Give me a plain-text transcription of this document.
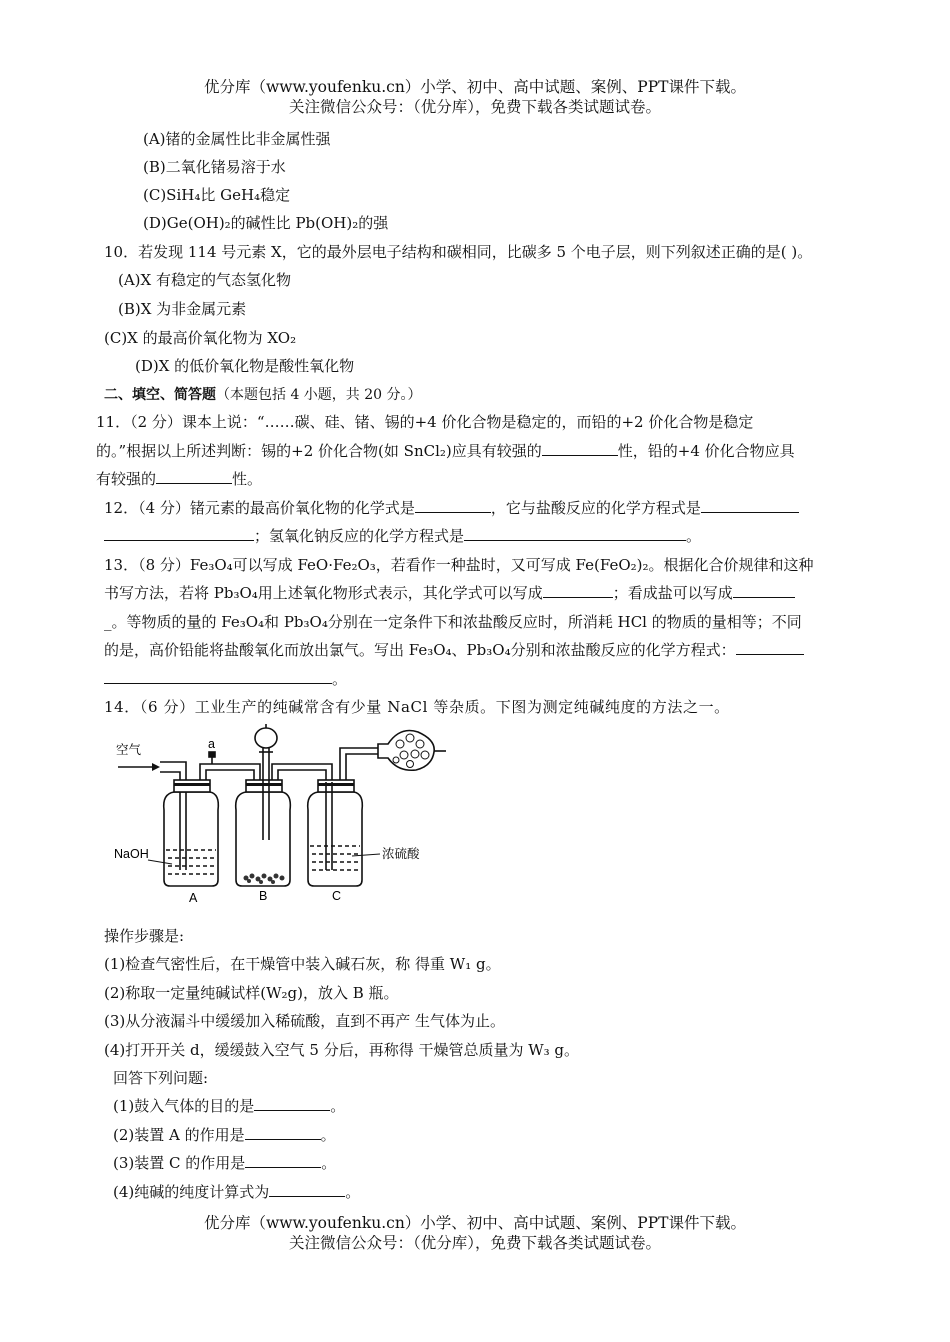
优分库（www.youfenku.cn）小学、初中、高中试题、案例、PPT课件下载。
关注微信公众号：（优分库），免费下载各类试题试卷。
(A)锗的金属性比非金属性强
(B)二氧化锗易溶于水
(C)SiH₄比 GeH₄稳定
(D)Ge(OH)₂的碱性比 Pb(OH)₂的强
10．若发现 114 号元素 X，它的最外层电子结构和碳相同，比碳多 5 个电子层，则下列叙述正确的是( )。
(A)X 有稳定的气态氢化物
(B)X 为非金属元素
(C)X 的最高价氧化物为 XO₂
(D)X 的低价氧化物是酸性氧化物
二、填空、简答题（本题包括 4 小题，共 20 分。）
11．（2 分）课本上说：“……碳、硅、锗、锡的+4 价化合物是稳定的，而铅的+2 价化合物是稳定
的。”根据以上所述判断：锡的+2 价化合物(如 SnCl₂)应具有较强的	性，铅的+4 价化合物应具
有较强的	性。
12．（4 分）锗元素的最高价氧化物的化学式是	，它与盐酸反应的化学方程式是
；氢氧化钠反应的化学方程式是	。
13．（8 分）Fe₃O₄可以写成 FeO·Fe₂O₃，若看作一种盐时，又可写成 Fe(FeO₂)₂。根据化合价规律和这种
书写方法，若将 Pb₃O₄用上述氧化物形式表示，其化学式可以写成	；看成盐可以写成
_。等物质的量的 Fe₃O₄和 Pb₃O₄分别在一定条件下和浓盐酸反应时，所消耗 HCl 的物质的量相等；不同
的是，高价铅能将盐酸氧化而放出氯气。写出 Fe₃O₄、Pb₃O₄分别和浓盐酸反应的化学方程式：
。
14．（6 分）工业生产的纯碱常含有少量 NaCl 等杂质。下图为测定纯碱纯度的方法之一。
空气	a
NaOH	浓硫酸
A	B	C
操作步骤是:
(1)检查气密性后，在干燥管中装入碱石灰，称 得重 W₁ g。
(2)称取一定量纯碱试样(W₂g)，放入 B 瓶。
(3)从分液漏斗中缓缓加入稀硫酸，直到不再产 生气体为止。
(4)打开开关 d，缓缓鼓入空气 5 分后，再称得 干燥管总质量为 W₃ g。
回答下列问题:
(1)鼓入气体的目的是	。
(2)装置 A 的作用是	。
(3)装置 C 的作用是	。
(4)纯碱的纯度计算式为	。
优分库（www.youfenku.cn）小学、初中、高中试题、案例、PPT课件下载。
关注微信公众号：（优分库），免费下载各类试题试卷。
